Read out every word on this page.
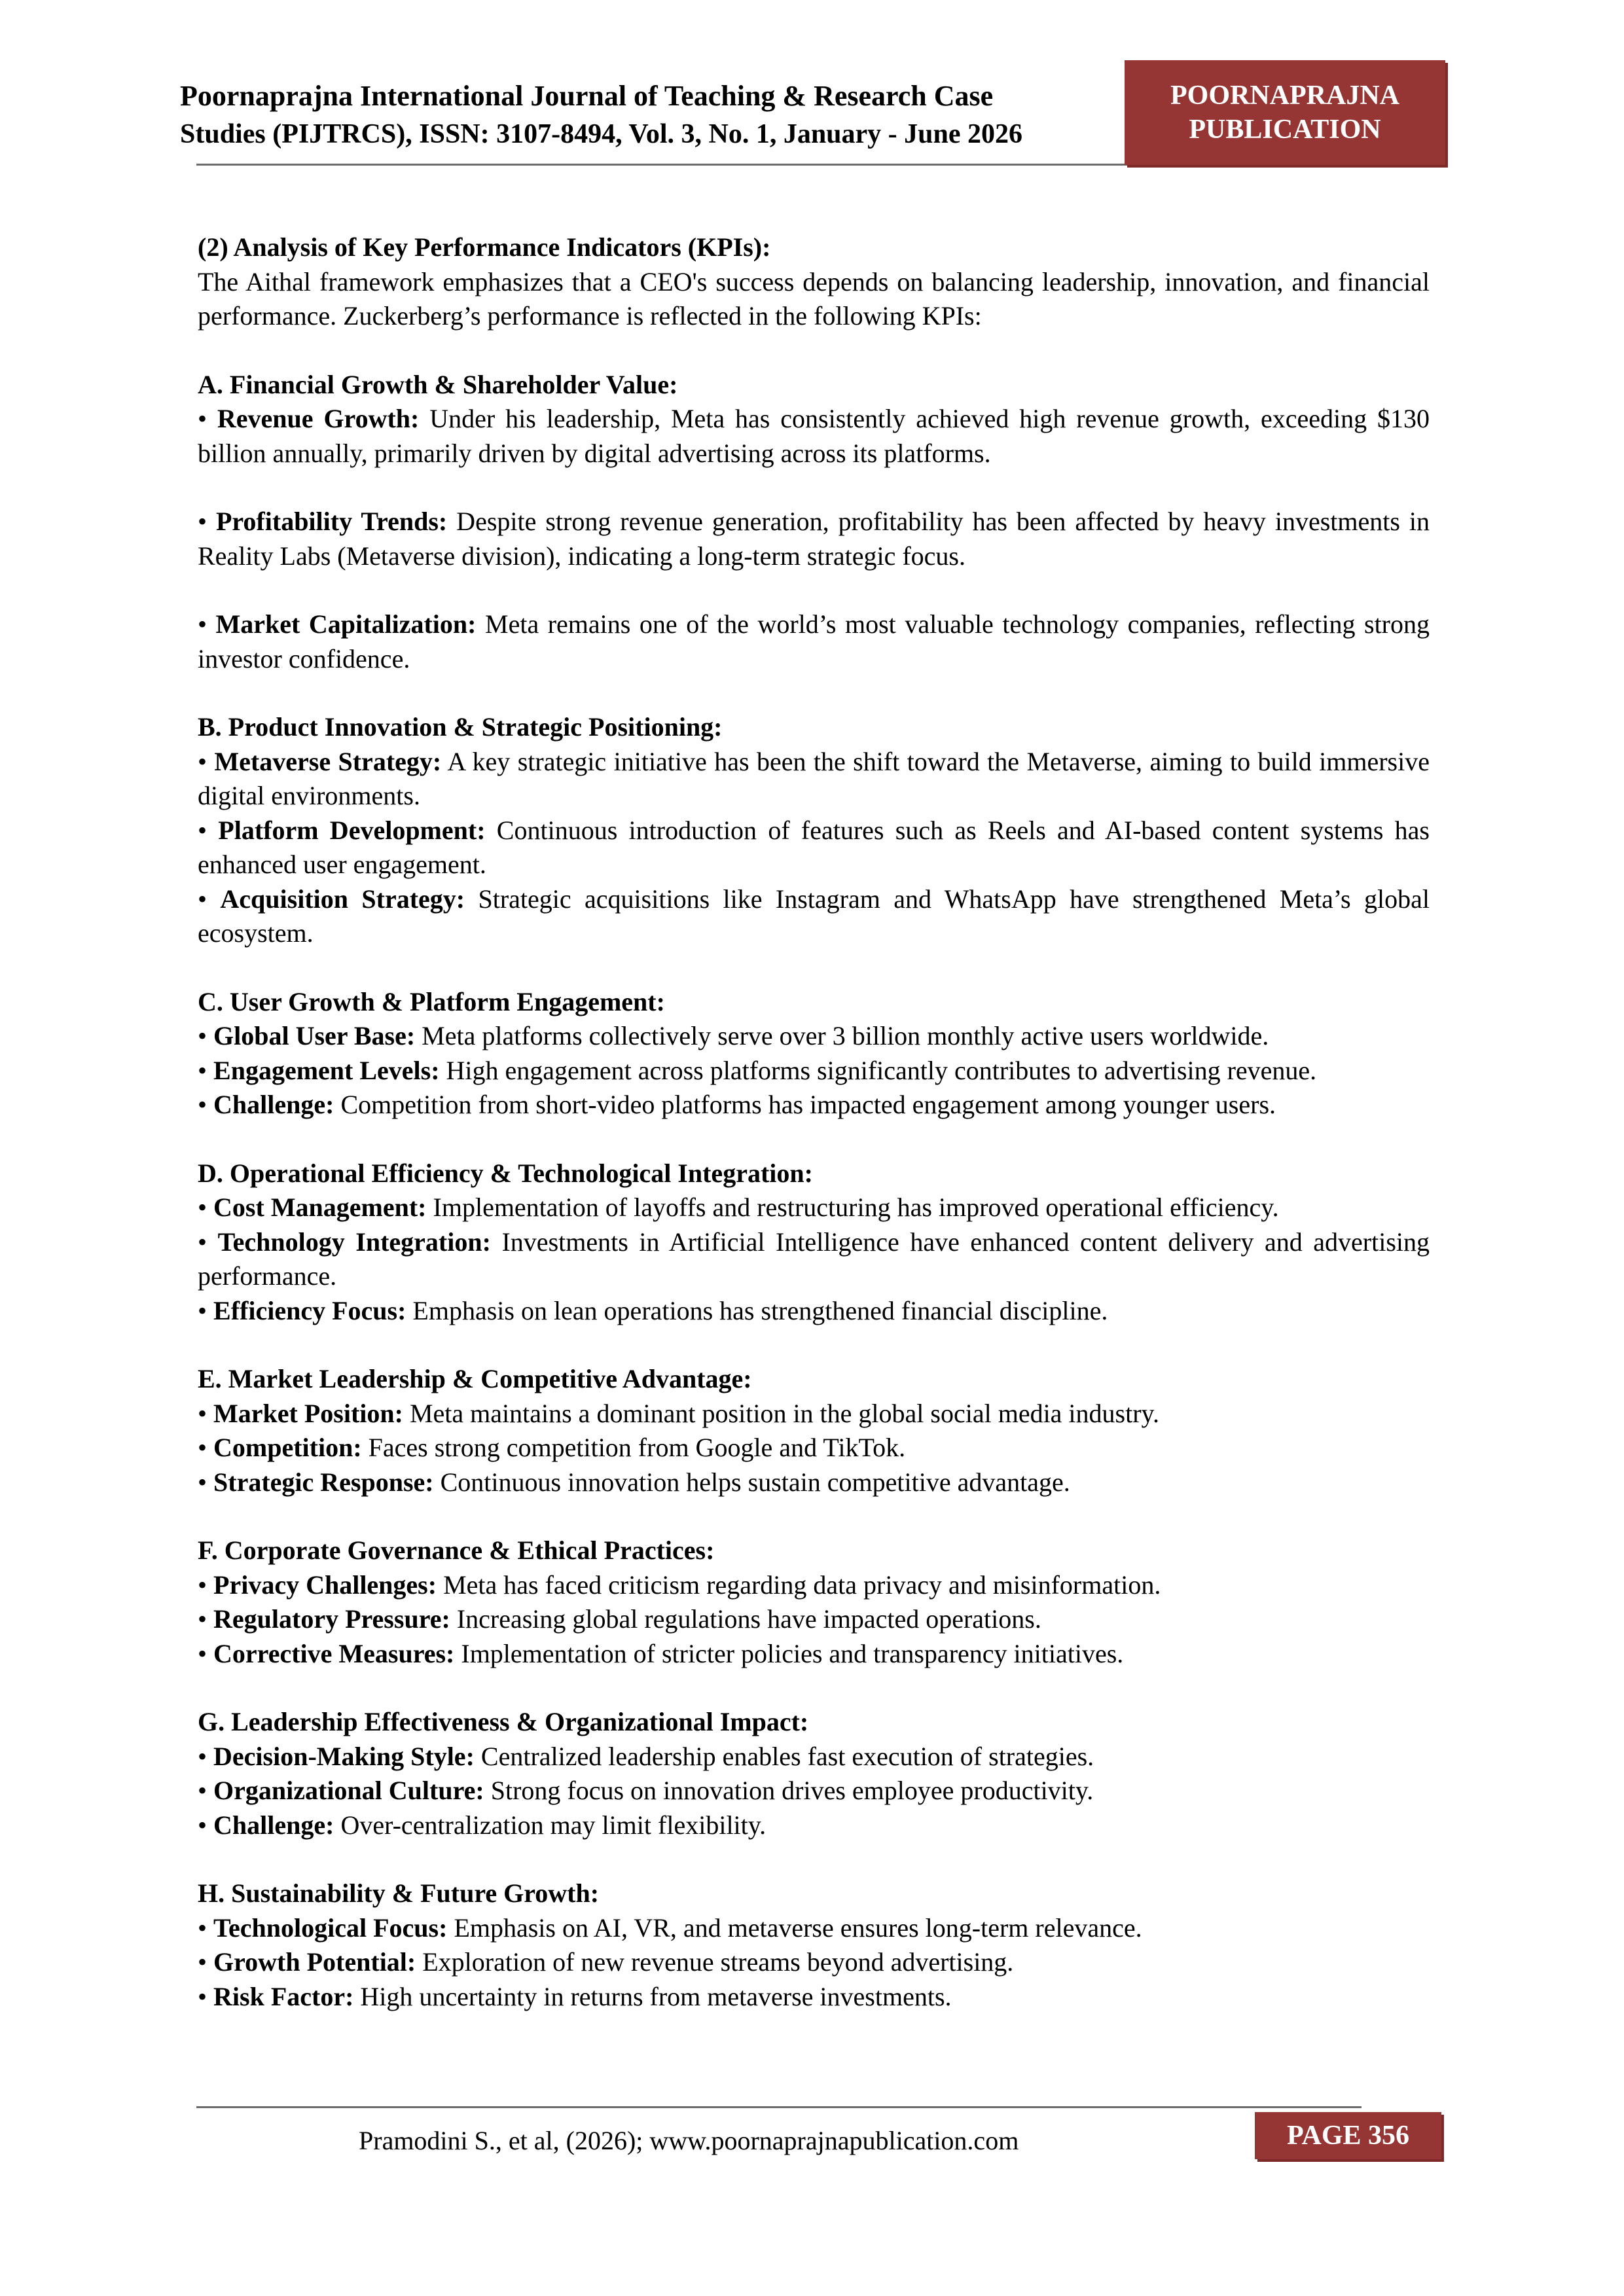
Poornaprajna International Journal of Teaching & Research Case
Studies (PIJTRCS), ISSN: 3107-8494, Vol. 3, No. 1, January - June 2026
POORNAPRAJNA
PUBLICATION

(2) Analysis of Key Performance Indicators (KPIs):

The Aithal framework emphasizes that a CEO's success depends on balancing leadership, innovation, and financial performance. Zuckerberg’s performance is reflected in the following KPIs:

A. Financial Growth & Shareholder Value:

• Revenue Growth: Under his leadership, Meta has consistently achieved high revenue growth, exceeding $130 billion annually, primarily driven by digital advertising across its platforms.

• Profitability Trends: Despite strong revenue generation, profitability has been affected by heavy investments in Reality Labs (Metaverse division), indicating a long-term strategic focus.

• Market Capitalization: Meta remains one of the world’s most valuable technology companies, reflecting strong investor confidence.

B. Product Innovation & Strategic Positioning:

• Metaverse Strategy: A key strategic initiative has been the shift toward the Metaverse, aiming to build immersive digital environments.

• Platform Development: Continuous introduction of features such as Reels and AI-based content systems has enhanced user engagement.

• Acquisition Strategy: Strategic acquisitions like Instagram and WhatsApp have strengthened Meta’s global ecosystem.

C. User Growth & Platform Engagement:

• Global User Base: Meta platforms collectively serve over 3 billion monthly active users worldwide.

• Engagement Levels: High engagement across platforms significantly contributes to advertising revenue.

• Challenge: Competition from short-video platforms has impacted engagement among younger users.

D. Operational Efficiency & Technological Integration:

• Cost Management: Implementation of layoffs and restructuring has improved operational efficiency.

• Technology Integration: Investments in Artificial Intelligence have enhanced content delivery and advertising performance.

• Efficiency Focus: Emphasis on lean operations has strengthened financial discipline.

E. Market Leadership & Competitive Advantage:

• Market Position: Meta maintains a dominant position in the global social media industry.

• Competition: Faces strong competition from Google and TikTok.

• Strategic Response: Continuous innovation helps sustain competitive advantage.

F. Corporate Governance & Ethical Practices:

• Privacy Challenges: Meta has faced criticism regarding data privacy and misinformation.

• Regulatory Pressure: Increasing global regulations have impacted operations.

• Corrective Measures: Implementation of stricter policies and transparency initiatives.

G. Leadership Effectiveness & Organizational Impact:

• Decision-Making Style: Centralized leadership enables fast execution of strategies.

• Organizational Culture: Strong focus on innovation drives employee productivity.

• Challenge: Over-centralization may limit flexibility.

H. Sustainability & Future Growth:

• Technological Focus: Emphasis on AI, VR, and metaverse ensures long-term relevance.

• Growth Potential: Exploration of new revenue streams beyond advertising.

• Risk Factor: High uncertainty in returns from metaverse investments.

Pramodini S., et al, (2026); www.poornaprajnapublication.com	PAGE 356
